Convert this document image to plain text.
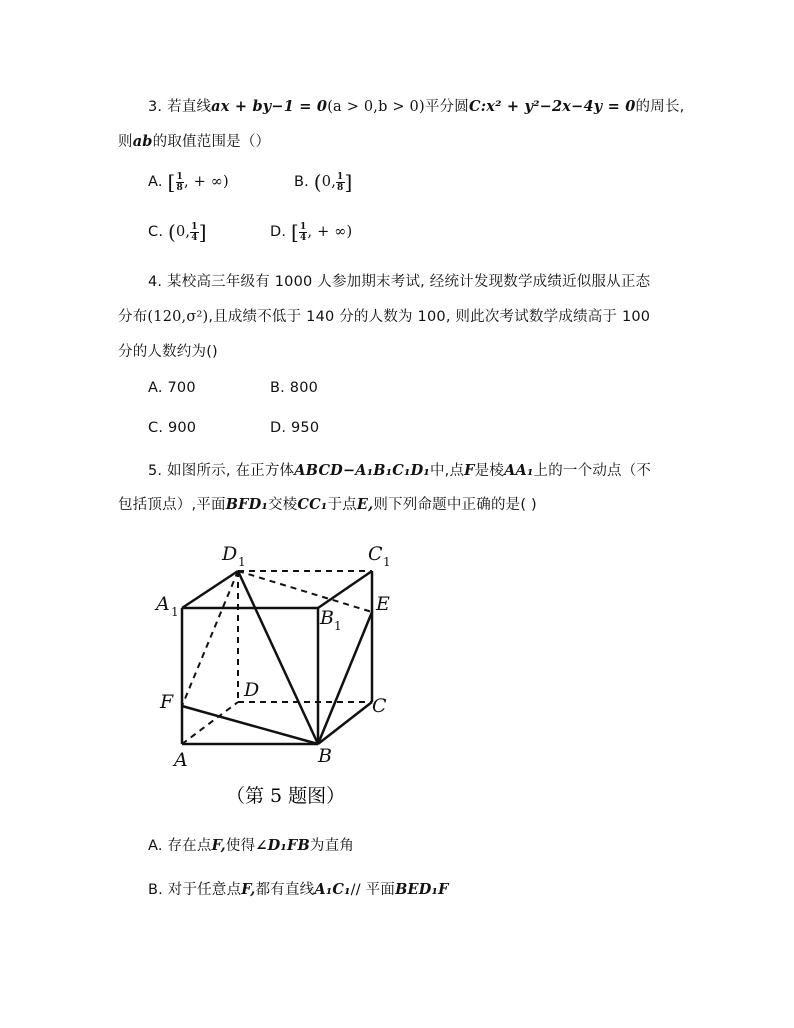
3. 若直线ax + by−1 = 0(a > 0,b > 0)平分圆C:x² + y²−2x−4y = 0的周长,
则ab的取值范围是（）
A. [ $\frac{1}{8}$ , + ∞)	B. (0, $\frac{1}{8}$ ]
C. (0, $\frac{1}{4}$ ]	D. [ $\frac{1}{4}$ , + ∞)
4. 某校高三年级有 1000 人参加期末考试, 经统计发现数学成绩近似服从正态
分布(120,σ²),且成绩不低于 140 分的人数为 100, 则此次考试数学成绩高于 100
分的人数约为()
A. 700	B. 800
C. 900	D. 950
5. 如图所示, 在正方体ABCD−A₁B₁C₁D₁中,点F是棱AA₁上的一个动点（不
包括顶点）,平面BFD₁交棱CC₁于点E,则下列命题中正确的是( )
D 1	C 1
A 1	B 1
E
D
C
F
A	B
（第 5 题图）
A. 存在点F,使得∠D₁FB为直角
B. 对于任意点F,都有直线A₁C₁// 平面BED₁F
